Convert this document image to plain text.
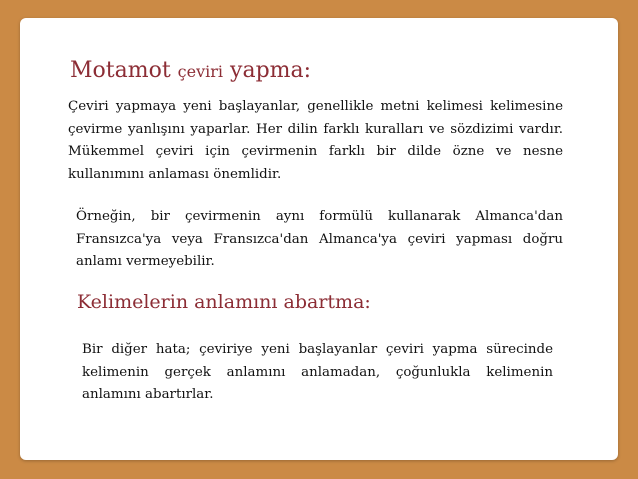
Motamot çeviri yapma:

Çeviri yapmaya yeni başlayanlar, genellikle metni kelimesi kelimesine çevirme yanlışını yaparlar. Her dilin farklı kuralları ve sözdizimi vardır. Mükemmel çeviri için çevirmenin farklı bir dilde özne ve nesne kullanımını anlaması önemlidir.

Örneğin, bir çevirmenin aynı formülü kullanarak Almanca'dan Fransızca'ya veya Fransızca'dan Almanca'ya çeviri yapması doğru anlamı vermeyebilir.

Kelimelerin anlamını abartma:

Bir diğer hata; çeviriye yeni başlayanlar çeviri yapma sürecinde kelimenin gerçek anlamını anlamadan, çoğunlukla kelimenin anlamını abartırlar.
